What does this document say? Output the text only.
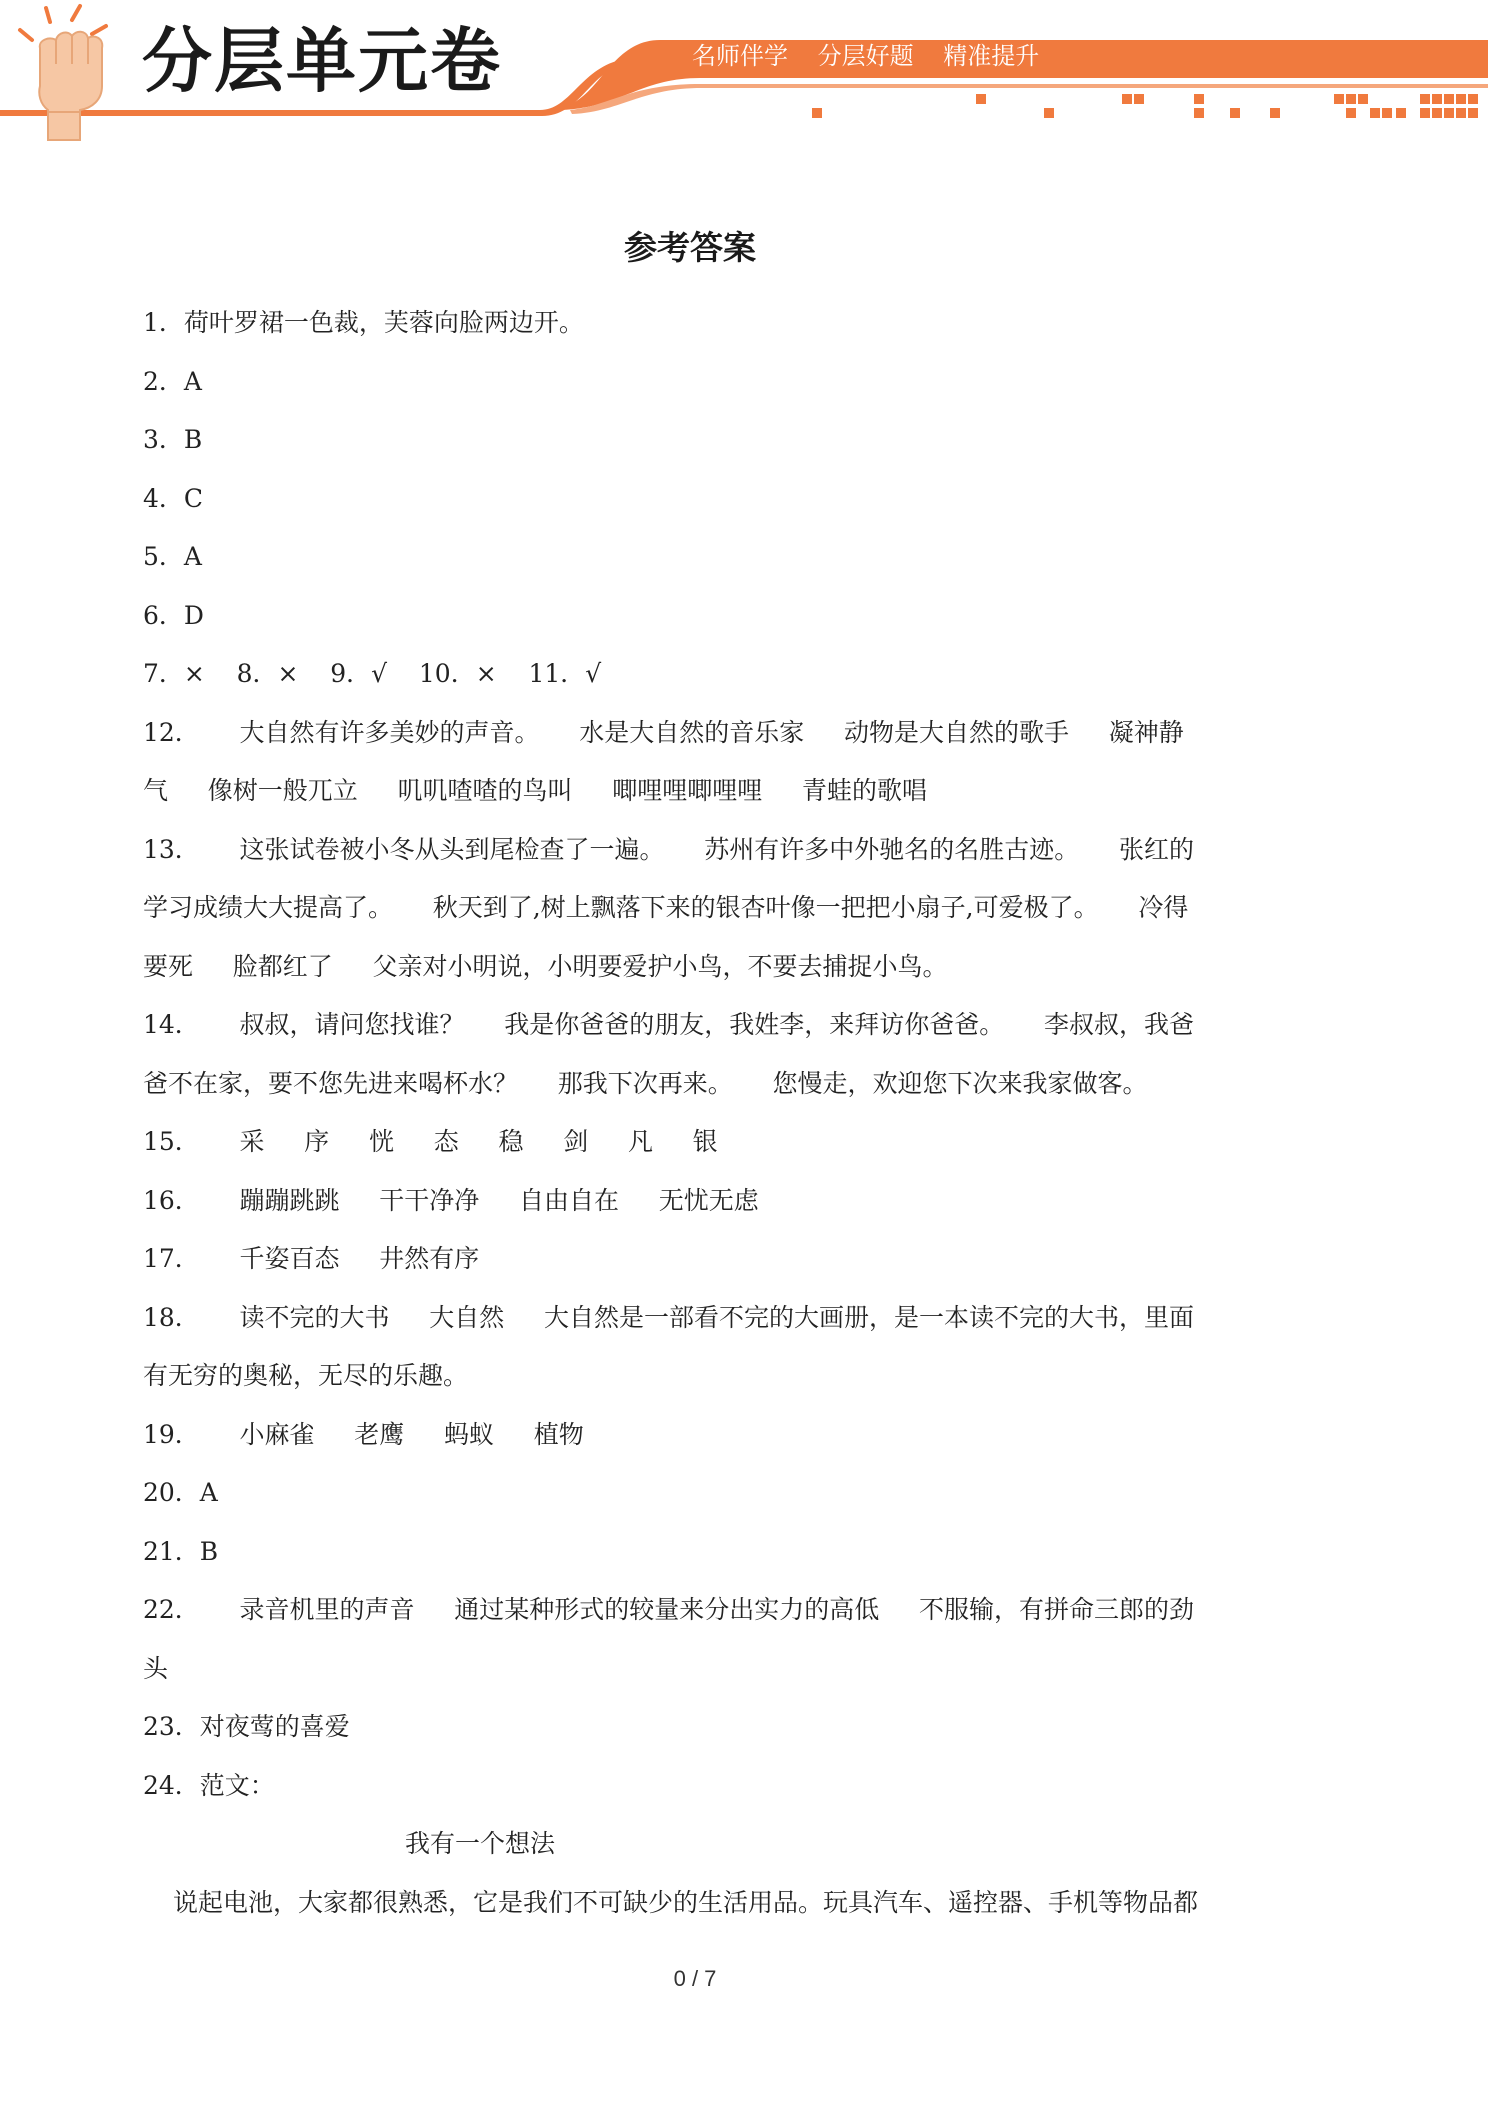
分层单元卷	名师伴学 分层好题 精准提升
参考答案
1．荷叶罗裙一色裁，芙蓉向脸两边开。
2．A
3．B
4．C
5．A
6．D
7．×    8．×    9．√    10．×    11．√
12．     大自然有许多美妙的声音。     水是大自然的音乐家     动物是大自然的歌手     凝神静
气     像树一般兀立     叽叽喳喳的鸟叫     唧哩哩唧哩哩     青蛙的歌唱
13．     这张试卷被小冬从头到尾检查了一遍。     苏州有许多中外驰名的名胜古迹。     张红的
学习成绩大大提高了。     秋天到了,树上飘落下来的银杏叶像一把把小扇子,可爱极了。     冷得
要死     脸都红了     父亲对小明说，小明要爱护小鸟，不要去捕捉小鸟。
14．     叔叔，请问您找谁？     我是你爸爸的朋友，我姓李，来拜访你爸爸。     李叔叔，我爸
爸不在家，要不您先进来喝杯水？     那我下次再来。     您慢走，欢迎您下次来我家做客。
15．     采     序     恍     态     稳     剑     凡     银
16．     蹦蹦跳跳     干干净净     自由自在     无忧无虑
17．     千姿百态     井然有序
18．     读不完的大书     大自然     大自然是一部看不完的大画册，是一本读不完的大书，里面
有无穷的奥秘，无尽的乐趣。
19．     小麻雀     老鹰     蚂蚁     植物
20．A
21．B
22．     录音机里的声音     通过某种形式的较量来分出实力的高低     不服输，有拼命三郎的劲
头
23．对夜莺的喜爱
24．范文：
我有一个想法
说起电池，大家都很熟悉，它是我们不可缺少的生活用品。玩具汽车、遥控器、手机等物品都
0 / 7
